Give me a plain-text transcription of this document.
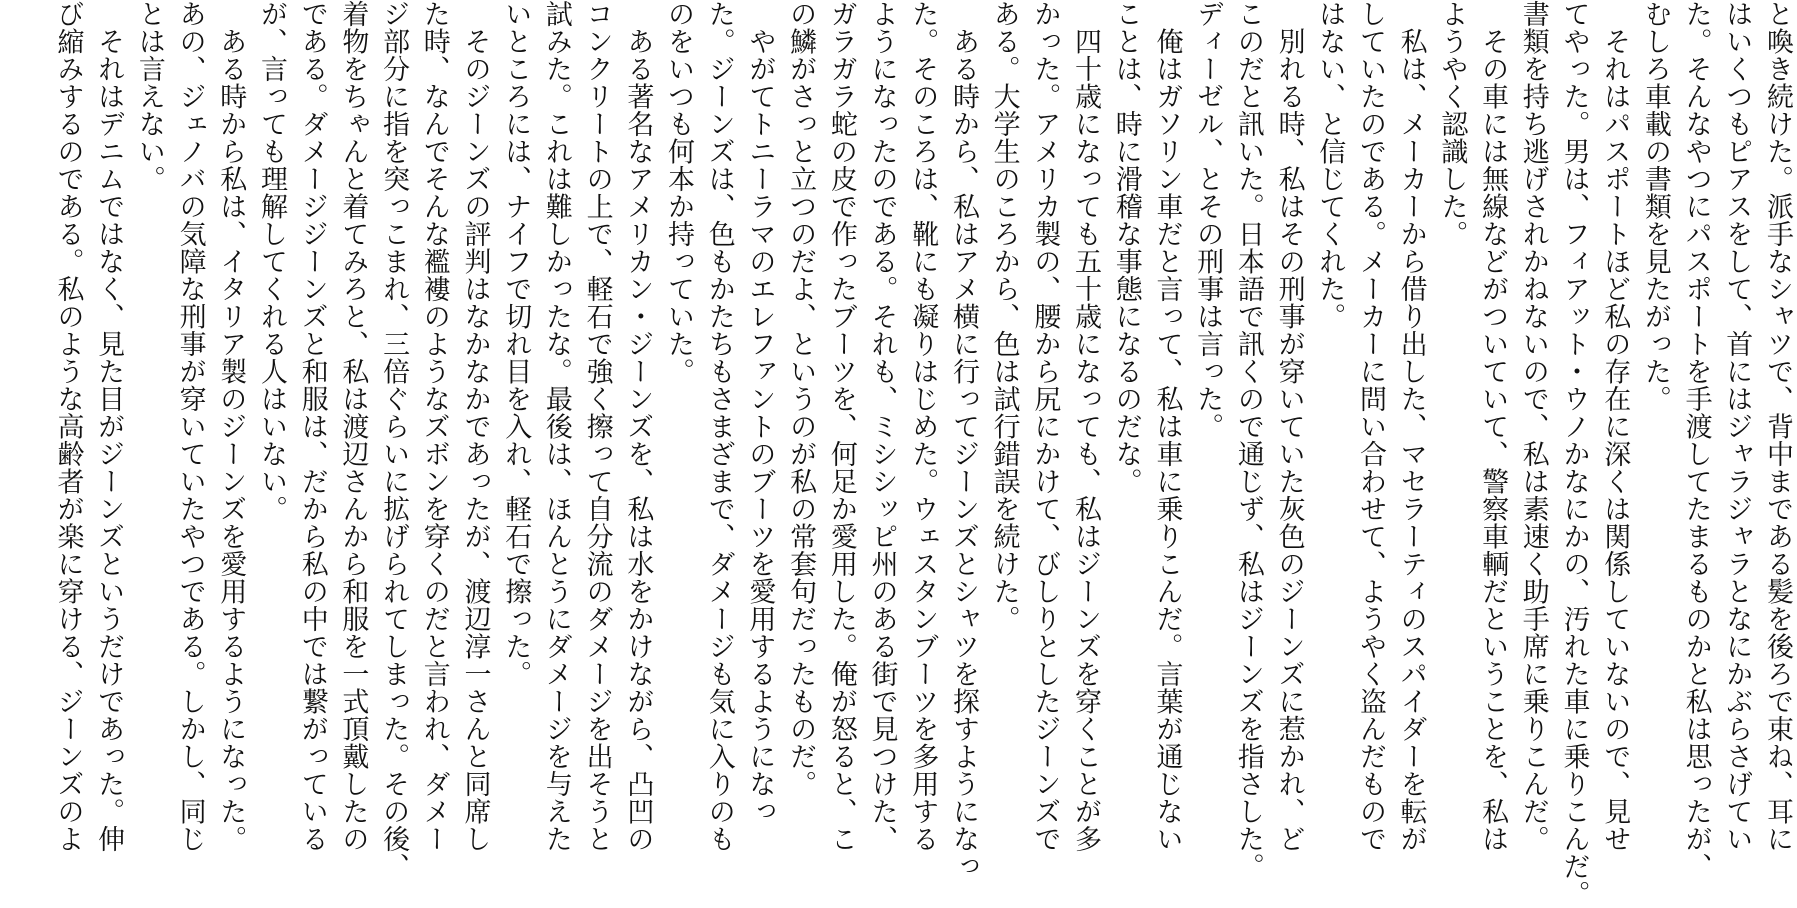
と喚き続けた。派手なシャツで、背中まである髪を後ろで束ね、耳に
はいくつもピアスをして、首にはジャラジャラとなにかぶらさげてい
た。そんなやつにパスポートを手渡してたまるものかと私は思ったが、
むしろ車載の書類を見たがった。
　それはパスポートほど私の存在に深くは関係していないので、見せ
てやった。男は、フィアット・ウノかなにかの、汚れた車に乗りこんだ。
書類を持ち逃げされかねないので、私は素速く助手席に乗りこんだ。
　その車には無線などがついていて、警察車輌だということを、私は
ようやく認識した。
　私は、メーカーから借り出した、マセラーティのスパイダーを転が
していたのである。メーカーに問い合わせて、ようやく盗んだもので
はない、と信じてくれた。
　別れる時、私はその刑事が穿いていた灰色のジーンズに惹かれ、ど
このだと訊いた。日本語で訊くので通じず、私はジーンズを指さした。
ディーゼル、とその刑事は言った。
　俺はガソリン車だと言って、私は車に乗りこんだ。言葉が通じない
ことは、時に滑稽な事態になるのだな。
　四十歳になっても五十歳になっても、私はジーンズを穿くことが多
かった。アメリカ製の、腰から尻にかけて、びしりとしたジーンズで
ある。大学生のころから、色は試行錯誤を続けた。
　ある時から、私はアメ横に行ってジーンズとシャツを探すようになっ
た。そのころは、靴にも凝りはじめた。ウェスタンブーツを多用する
ようになったのである。それも、ミシシッピ州のある街で見つけた、
ガラガラ蛇の皮で作ったブーツを、何足か愛用した。俺が怒ると、こ
の鱗がさっと立つのだよ、というのが私の常套句だったものだ。
　やがてトニーラマのエレファントのブーツを愛用するようになっ
た。ジーンズは、色もかたちもさまざまで、ダメージも気に入りのも
のをいつも何本か持っていた。
　ある著名なアメリカン・ジーンズを、私は水をかけながら、凸凹の
コンクリートの上で、軽石で強く擦って自分流のダメージを出そうと
試みた。これは難しかったな。最後は、ほんとうにダメージを与えた
いところには、ナイフで切れ目を入れ、軽石で擦った。
　そのジーンズの評判はなかなかであったが、渡辺淳一さんと同席し
た時、なんでそんな襤褸のようなズボンを穿くのだと言われ、ダメー
ジ部分に指を突っこまれ、三倍ぐらいに拡げられてしまった。その後、
着物をちゃんと着てみろと、私は渡辺さんから和服を一式頂戴したの
である。ダメージジーンズと和服は、だから私の中では繋がっている
が、言っても理解してくれる人はいない。
　ある時から私は、イタリア製のジーンズを愛用するようになった。
あの、ジェノバの気障な刑事が穿いていたやつである。しかし、同じ
とは言えない。
　それはデニムではなく、見た目がジーンズというだけであった。伸
び縮みするのである。私のような高齢者が楽に穿ける、ジーンズのよ
